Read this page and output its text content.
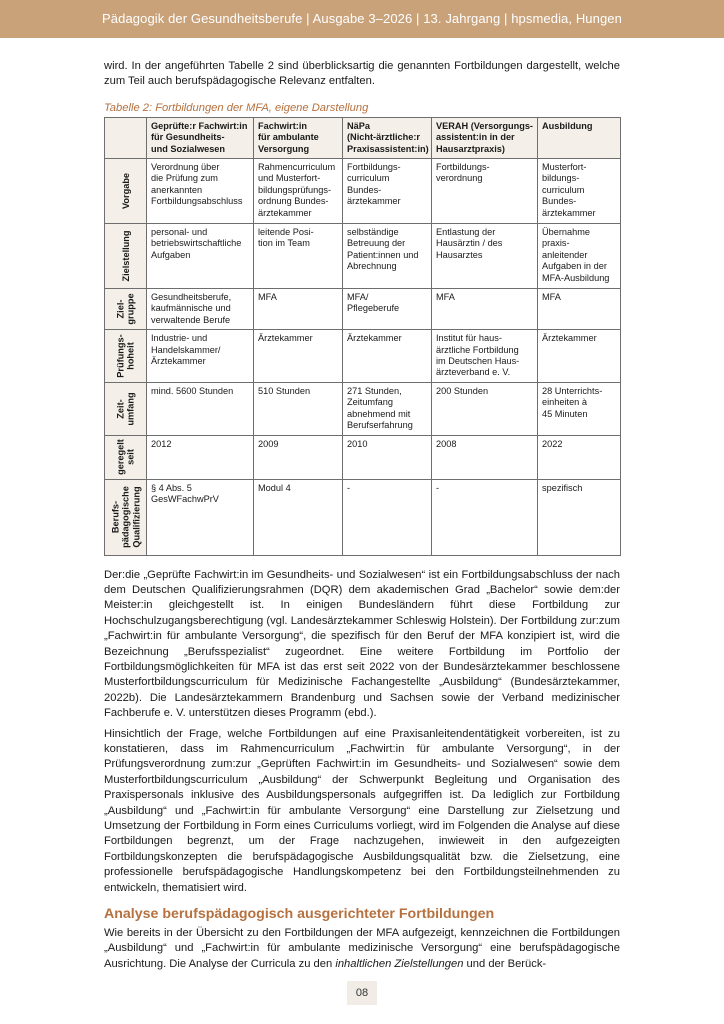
Pädagogik der Gesundheitsberufe | Ausgabe 3–2026 | 13. Jahrgang | hpsmedia, Hungen

wird. In der angeführten Tabelle 2 sind überblicksartig die genannten Fortbildungen dargestellt, welche zum Teil auch berufspädagogische Relevanz entfalten.

Tabelle 2: Fortbildungen der MFA, eigene Darstellung
	Geprüfte:r Fachwirt:in
für Gesundheits-
und Sozialwesen	Fachwirt:in
für ambulante
Versorgung	NäPa
(Nicht-ärztliche:r
Praxisassistent:in)	VERAH (Versorgungs-
assistent:in in der
Hausarztpraxis)	Ausbildung

Vorgabe	Verordnung über
die Prüfung zum
anerkannten
Fortbildungsabschluss	Rahmencurriculum
und Musterfort-
bildungsprüfungs-
ordnung Bundes-
ärztekammer	Fortbildungs-
curriculum
Bundes-
ärztekammer	Fortbildungs-
verordnung	Musterfort-
bildungs-
curriculum
Bundes-
ärztekammer

Zielstellung	personal- und
betriebswirtschaftliche
Aufgaben	leitende Posi-
tion im Team	selbständige
Betreuung der
Patient:innen und
Abrechnung	Entlastung der
Hausärztin / des
Hausarztes	Übernahme
praxis-
anleitender
Aufgaben in der
MFA-Ausbildung

Ziel-
gruppe	Gesundheitsberufe,
kaufmännische und
verwaltende Berufe	MFA	MFA/
Pflegeberufe	MFA	MFA

Prüfungs-
hoheit	Industrie- und
Handelskammer/
Ärztekammer	Ärztekammer	Ärztekammer	Institut für haus-
ärztliche Fortbildung
im Deutschen Haus-
ärzteverband e. V.	Ärztekammer

Zeit-
umfang	mind. 5600 Stunden	510 Stunden	271 Stunden,
Zeitumfang
abnehmend mit
Berufserfahrung	200 Stunden	28 Unterrichts-
einheiten à
45 Minuten

geregelt
seit	2012	2009	2010	2008	2022

Berufs-
pädagogische
Qualifizierung	§ 4 Abs. 5
GesWFachwPrV	Modul 4	-	-	spezifisch

Der:die „Geprüfte Fachwirt:in im Gesundheits- und Sozialwesen“ ist ein Fortbildungsabschluss der nach dem Deutschen Qualifizierungsrahmen (DQR) dem akademischen Grad „Bachelor“ sowie dem:der Meister:in gleichgestellt ist. In einigen Bundesländern führt diese Fortbildung zur Hochschulzugangsberechtigung (vgl. Landesärztekammer Schleswig Holstein). Der Fortbildung zur:zum „Fachwirt:in für ambulante Versorgung“, die spezifisch für den Beruf der MFA konzipiert ist, wird die Bezeichnung „Berufsspezialist“ zugeordnet. Eine weitere Fortbildung im Portfolio der Fortbildungsmöglichkeiten für MFA ist das erst seit 2022 von der Bundesärztekammer beschlossene Musterfortbildungscurriculum für Medizinische Fachangestellte „Ausbildung“ (Bundesärztekammer, 2022b). Die Landesärztekammern Brandenburg und Sachsen sowie der Verband medizinischer Fachberufe e. V. unterstützen dieses Programm (ebd.).

Hinsichtlich der Frage, welche Fortbildungen auf eine Praxisanleitendentätigkeit vorbereiten, ist zu konstatieren, dass im Rahmencurriculum „Fachwirt:in für ambulante Versorgung“, in der Prüfungsverordnung zum:zur „Geprüften Fachwirt:in im Gesundheits- und Sozialwesen“ sowie dem Musterfortbildungscurriculum „Ausbildung“ der Schwerpunkt Begleitung und Organisation des Praxispersonals inklusive des Ausbildungspersonals aufgegriffen ist. Da lediglich zur Fortbildung „Ausbildung“ und „Fachwirt:in für ambulante Versorgung“ eine Darstellung zur Zielsetzung und Umsetzung der Fortbildung in Form eines Curriculums vorliegt, wird im Folgenden die Analyse auf diese Fortbildungen begrenzt, um der Frage nachzugehen, inwieweit in den aufgezeigten Fortbildungskonzepten die berufspädagogische Ausbildungsqualität bzw. die Zielsetzung, eine professionelle berufspädagogische Handlungskompetenz bei den Fortbildungsteilnehmenden zu entwickeln, thematisiert wird.

Analyse berufspädagogisch ausgerichteter Fortbildungen

Wie bereits in der Übersicht zu den Fortbildungen der MFA aufgezeigt, kennzeichnen die Fortbildungen „Ausbildung“ und „Fachwirt:in für ambulante medizinische Versorgung“ eine berufspädagogische Ausrichtung. Die Analyse der Curricula zu den inhaltlichen Zielstellungen und der Berück-

08
